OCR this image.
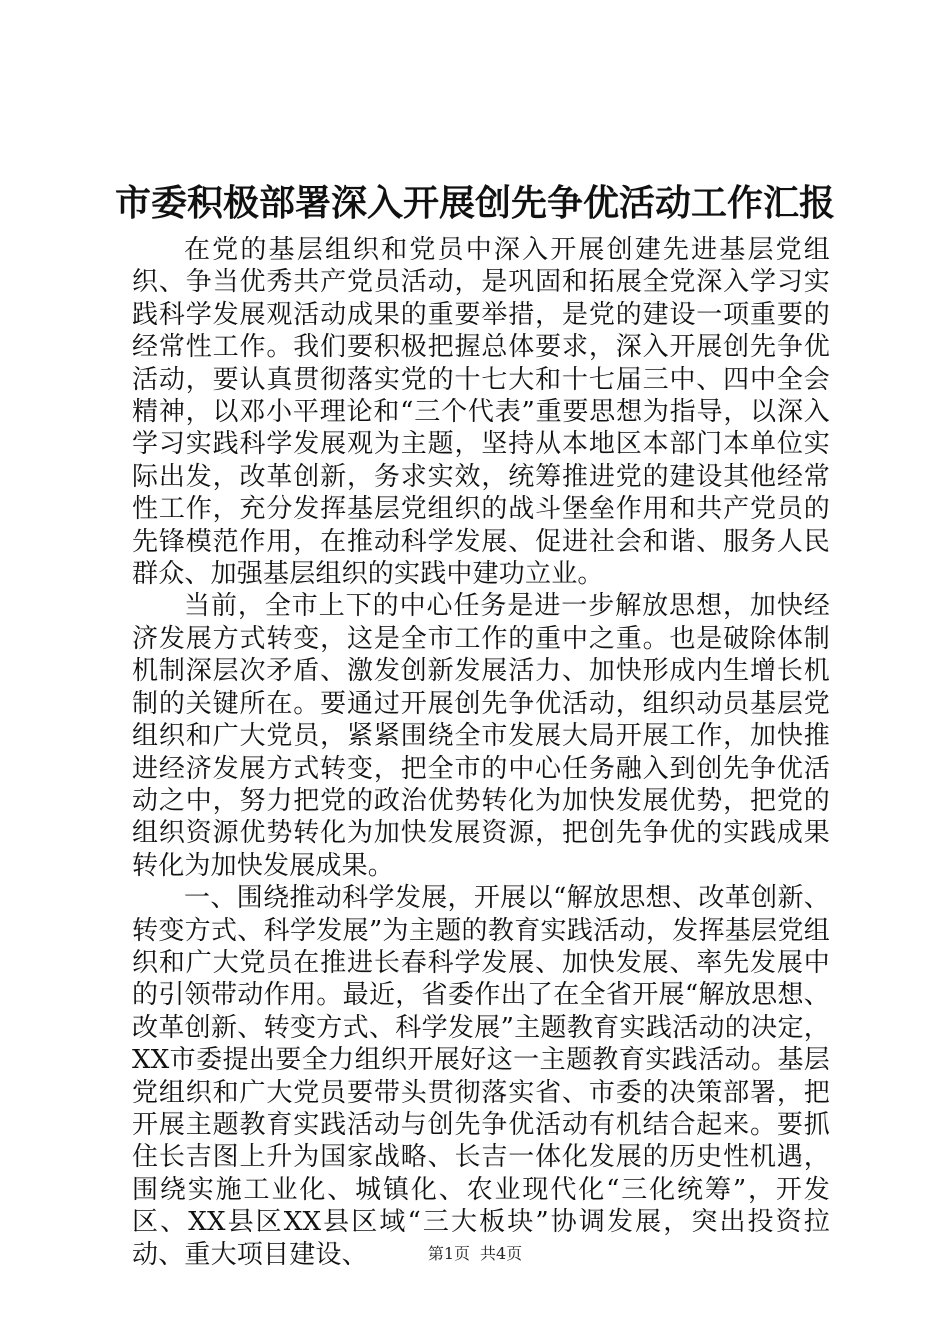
市委积极部署深入开展创先争优活动工作汇报

在党的基层组织和党员中深入开展创建先进基层党组织、争当优秀共产党员活动，是巩固和拓展全党深入学习实践科学发展观活动成果的重要举措，是党的建设一项重要的经常性工作。我们要积极把握总体要求，深入开展创先争优活动，要认真贯彻落实党的十七大和十七届三中、四中全会精神，以邓小平理论和“三个代表”重要思想为指导，以深入学习实践科学发展观为主题，坚持从本地区本部门本单位实际出发，改革创新，务求实效，统筹推进党的建设其他经常性工作，充分发挥基层党组织的战斗堡垒作用和共产党员的先锋模范作用，在推动科学发展、促进社会和谐、服务人民群众、加强基层组织的实践中建功立业。

当前，全市上下的中心任务是进一步解放思想，加快经济发展方式转变，这是全市工作的重中之重。也是破除体制机制深层次矛盾、激发创新发展活力、加快形成内生增长机制的关键所在。要通过开展创先争优活动，组织动员基层党组织和广大党员，紧紧围绕全市发展大局开展工作，加快推进经济发展方式转变，把全市的中心任务融入到创先争优活动之中，努力把党的政治优势转化为加快发展优势，把党的组织资源优势转化为加快发展资源，把创先争优的实践成果转化为加快发展成果。

一、围绕推动科学发展，开展以“解放思想、改革创新、转变方式、科学发展”为主题的教育实践活动，发挥基层党组织和广大党员在推进长春科学发展、加快发展、率先发展中的引领带动作用。最近，省委作出了在全省开展“解放思想、改革创新、转变方式、科学发展”主题教育实践活动的决定，XX市委提出要全力组织开展好这一主题教育实践活动。基层党组织和广大党员要带头贯彻落实省、市委的决策部署，把开展主题教育实践活动与创先争优活动有机结合起来。要抓住长吉图上升为国家战略、长吉一体化发展的历史性机遇，围绕实施工业化、城镇化、农业现代化“三化统筹”，开发区、XX县区XX县区域“三大板块”协调发展，突出投资拉动、重大项目建设、	第1页 共4页
